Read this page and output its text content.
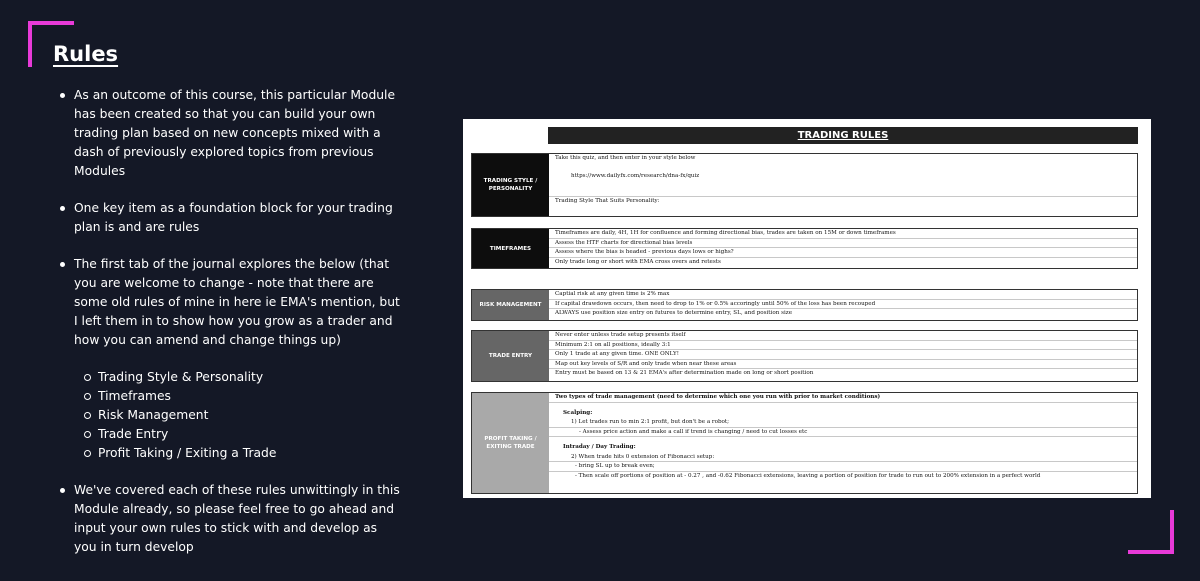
Rules
As an outcome of this course, this particular Module has been created so that you can build your own trading plan based on new concepts mixed with a dash of previously explored topics from previous Modules
One key item as a foundation block for your trading plan is and are rules
The first tab of the journal explores the below (that you are welcome to change - note that there are some old rules of mine in here ie EMA's mention, but I left them in to show how you grow as a trader and how you can amend and change things up)
Trading Style & Personality
Timeframes
Risk Management
Trade Entry
Profit Taking / Exiting a Trade
We've covered each of these rules unwittingly in this Module already, so please feel free to go ahead and input your own rules to stick with and develop as you in turn develop
TRADING RULES
TRADING STYLE / PERSONALITY
Take this quiz, and then enter in your style below
https://www.dailyfx.com/research/dna-fx/quiz
Trading Style That Suits Personality:
TIMEFRAMES
Timeframes are daily, 4H, 1H for confluence and forming directional bias, trades are taken on 15M or down timeframes
Assess the HTF charts for directional bias levels
Assess where the bias is headed - previous days lows or highs?
Only trade long or short with EMA cross overs and retests
RISK MANAGEMENT
Captial risk at any given time is 2% max
If capital drawdown occurs, then need to drop to 1% or 0.5% accoringly until 50% of the loss has been recouped
ALWAYS use position size entry on futures to determine entry, SL, and position size
TRADE ENTRY
Never enter unless trade setup presents itself
Minimum 2:1 on all positions, ideally 3:1
Only 1 trade at any given time. ONE ONLY!
Map out key levels of S/R and only trade when near these areas
Entry must be based on 13 & 21 EMA's after determination made on long or short position
PROFIT TAKING / EXITING TRADE
Two types of trade management (need to determine which one you run with prior to market conditions)
Scalping:
1) Let trades run to min 2:1 profit, but don't be a robot;
- Assess price action and make a call if trend is changing / need to cut losses etc
Intraday / Day Trading:
2) When trade hits 0 extension of Fibonacci setup:
- bring SL up to break even;
- Then scale off portions of position at - 0.27 , and -0.62 Fibonacci extensions, leaving a portion of position for trade to run out to 200% extension in a perfect world
